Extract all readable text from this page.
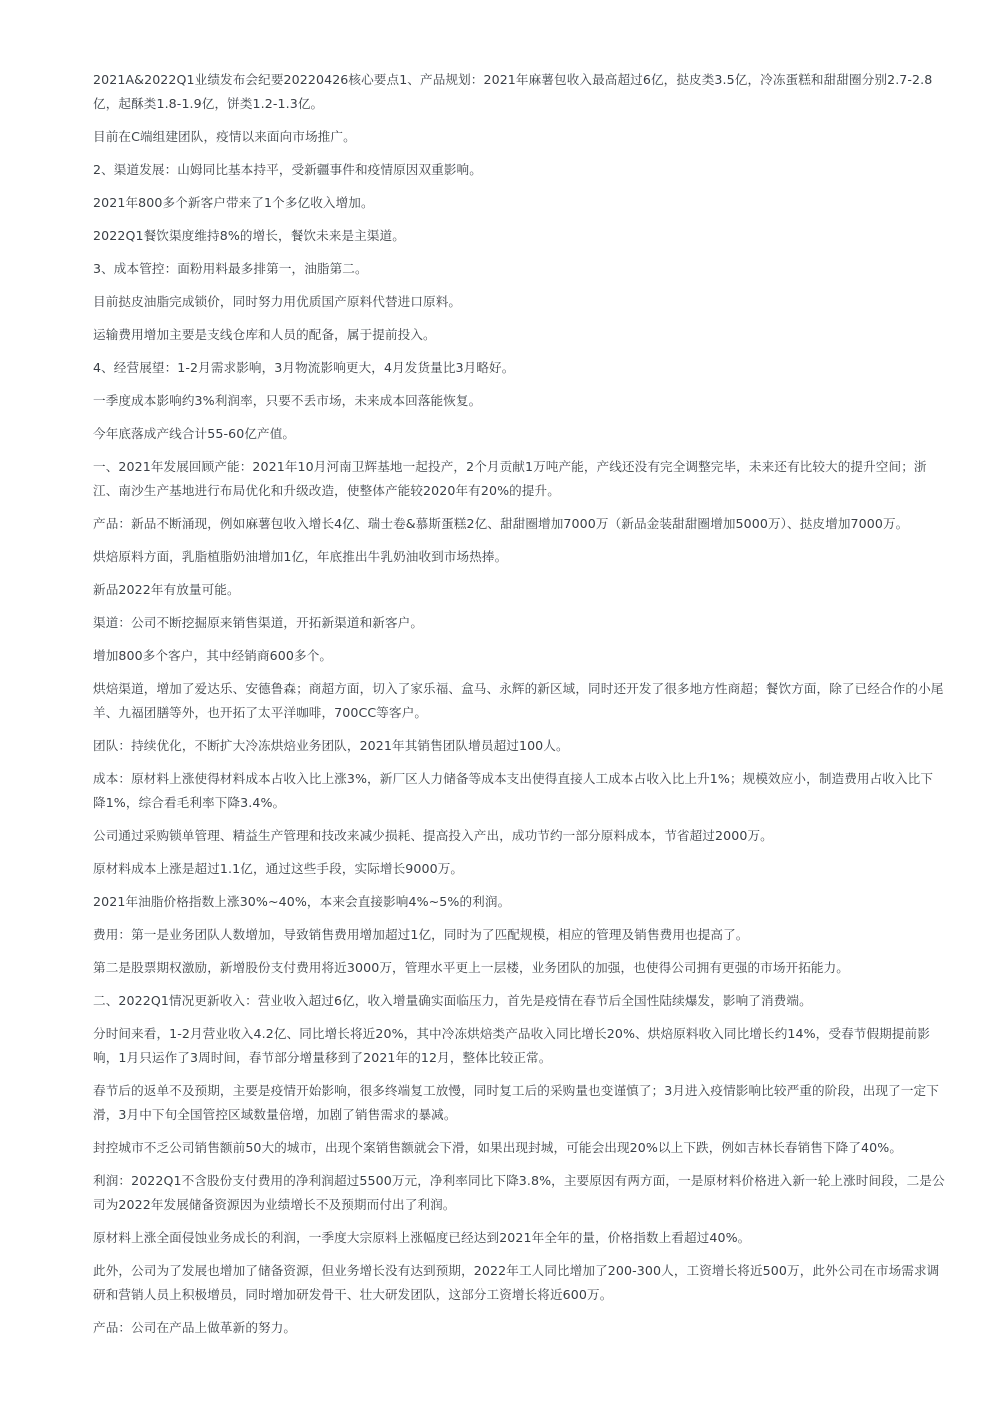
2021A&2022Q1业绩发布会纪要20220426核心要点1、产品规划：2021年麻薯包收入最高超过6亿，挞皮类3.5亿，冷冻蛋糕和甜甜圈分别2.7-2.8亿，起酥类1.8-1.9亿，饼类1.2-1.3亿。

目前在C端组建团队，疫情以来面向市场推广。

2、渠道发展：山姆同比基本持平，受新疆事件和疫情原因双重影响。

2021年800多个新客户带来了1个多亿收入增加。

2022Q1餐饮渠度维持8%的增长，餐饮未来是主渠道。

3、成本管控：面粉用料最多排第一，油脂第二。

目前挞皮油脂完成锁价，同时努力用优质国产原料代替进口原料。

运输费用增加主要是支线仓库和人员的配备，属于提前投入。

4、经营展望：1-2月需求影响，3月物流影响更大，4月发货量比3月略好。

一季度成本影响约3%利润率，只要不丢市场，未来成本回落能恢复。

今年底落成产线合计55-60亿产值。

一、2021年发展回顾产能：2021年10月河南卫辉基地一起投产，2个月贡献1万吨产能，产线还没有完全调整完毕，未来还有比较大的提升空间；浙江、南沙生产基地进行布局优化和升级改造，使整体产能较2020年有20%的提升。

产品：新品不断涌现，例如麻薯包收入增长4亿、瑞士卷&慕斯蛋糕2亿、甜甜圈增加7000万（新品金装甜甜圈增加5000万）、挞皮增加7000万。

烘焙原料方面，乳脂植脂奶油增加1亿，年底推出牛乳奶油收到市场热捧。

新品2022年有放量可能。

渠道：公司不断挖掘原来销售渠道，开拓新渠道和新客户。

增加800多个客户，其中经销商600多个。

烘焙渠道，增加了爱达乐、安德鲁森；商超方面，切入了家乐福、盒马、永辉的新区域，同时还开发了很多地方性商超；餐饮方面，除了已经合作的小尾羊、九福团膳等外，也开拓了太平洋咖啡，700CC等客户。

团队：持续优化，不断扩大冷冻烘焙业务团队，2021年其销售团队增员超过100人。

成本：原材料上涨使得材料成本占收入比上涨3%，新厂区人力储备等成本支出使得直接人工成本占收入比上升1%；规模效应小，制造费用占收入比下降1%，综合看毛利率下降3.4%。

公司通过采购锁单管理、精益生产管理和技改来减少损耗、提高投入产出，成功节约一部分原料成本，节省超过2000万。

原材料成本上涨是超过1.1亿，通过这些手段，实际增长9000万。

2021年油脂价格指数上涨30%~40%，本来会直接影响4%~5%的利润。

费用：第一是业务团队人数增加，导致销售费用增加超过1亿，同时为了匹配规模，相应的管理及销售费用也提高了。

第二是股票期权激励，新增股份支付费用将近3000万，管理水平更上一层楼，业务团队的加强，也使得公司拥有更强的市场开拓能力。

二、2022Q1情况更新收入：营业收入超过6亿，收入增量确实面临压力，首先是疫情在春节后全国性陆续爆发，影响了消费端。

分时间来看，1-2月营业收入4.2亿、同比增长将近20%，其中冷冻烘焙类产品收入同比增长20%、烘焙原料收入同比增长约14%，受春节假期提前影响，1月只运作了3周时间，春节部分增量移到了2021年的12月，整体比较正常。

春节后的返单不及预期，主要是疫情开始影响，很多终端复工放慢，同时复工后的采购量也变谨慎了；3月进入疫情影响比较严重的阶段，出现了一定下滑，3月中下旬全国管控区域数量倍增，加剧了销售需求的暴减。

封控城市不乏公司销售额前50大的城市，出现个案销售额就会下滑，如果出现封城，可能会出现20%以上下跌，例如吉林长春销售下降了40%。

利润：2022Q1不含股份支付费用的净利润超过5500万元，净利率同比下降3.8%，主要原因有两方面，一是原材料价格进入新一轮上涨时间段，二是公司为2022年发展储备资源因为业绩增长不及预期而付出了利润。

原材料上涨全面侵蚀业务成长的利润，一季度大宗原料上涨幅度已经达到2021年全年的量，价格指数上看超过40%。

此外，公司为了发展也增加了储备资源，但业务增长没有达到预期，2022年工人同比增加了200-300人，工资增长将近500万，此外公司在市场需求调研和营销人员上积极增员，同时增加研发骨干、壮大研发团队，这部分工资增长将近600万。

产品：公司在产品上做革新的努力。
